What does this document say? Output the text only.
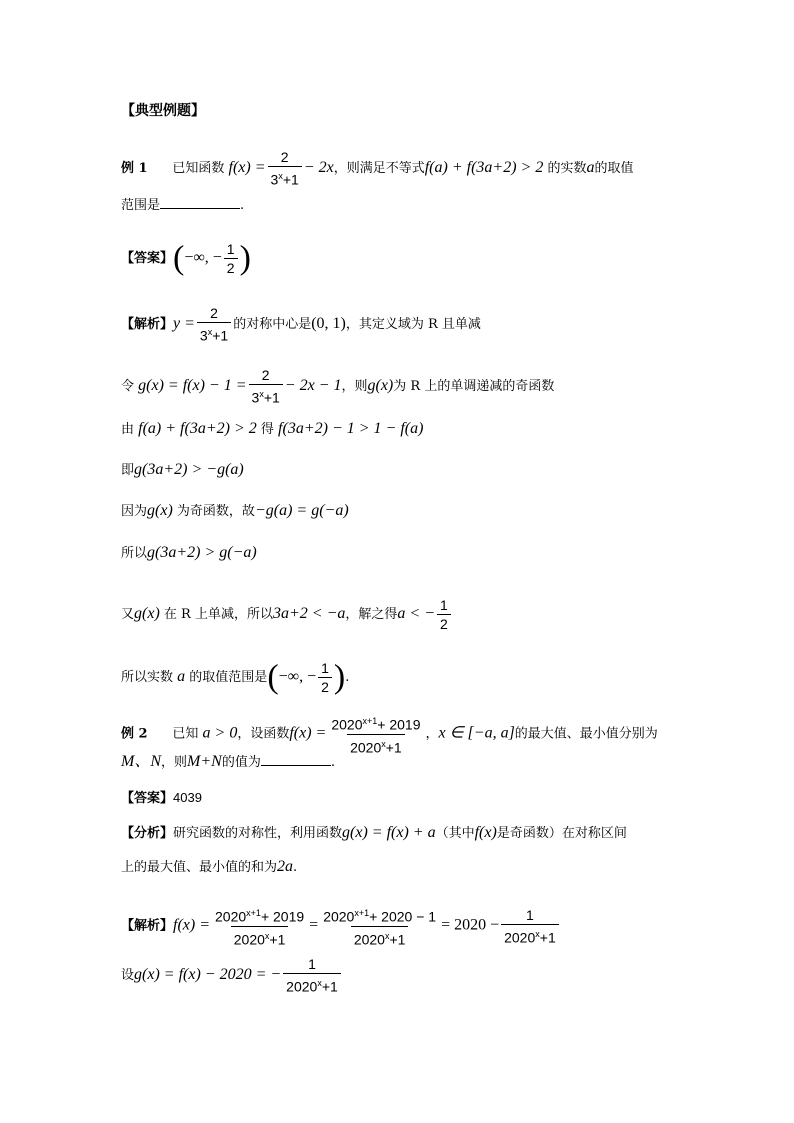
【典型例题】
例 1 已知函数 $f(x) = \frac{2}{3^x+1} - 2x$，则满足不等式f(a) + f(3a+2) > 2 的实数a的取值
范围是	.
【答案】(−∞, − $\frac{1}{2}$ )
【解析】$y = \frac{2}{3^x+1}$ 的对称中心是(0, 1)，其定义域为 R 且单减
令 $g(x) = f(x) - 1 = \frac{2}{3^x+1} - 2x - 1$，则g(x)为 R 上的单调递减的奇函数
由 f(a) + f(3a+2) > 2 得 f(3a+2) − 1 > 1 − f(a)
即g(3a+2) > −g(a)
因为g(x) 为奇函数，故−g(a) = g(−a)
所以g(3a+2) > g(−a)
又g(x) 在 R 上单减，所以3a+2 < −a，解之得a < − $\frac{1}{2}$
所以实数 a 的取值范围是(−∞, − $\frac{1}{2}$ ).
例 2 已知 a > 0，设函数$f(x) = \frac{2020^{x+1}+ 2019}{2020^x+1}$ ，x ∈ [−a, a]的最大值、最小值分别为
M、N，则M+N的值为	.
【答案】4039
【分析】研究函数的对称性，利用函数g(x) = f(x) + a（其中f(x)是奇函数）在对称区间
上的最大值、最小值的和为2a.
【解析】$f(x) = \frac{2020^{x+1}+ 2019}{2020^x+1} = \frac{2020^{x+1}+ 2020 - 1}{2020^x+1} = 2020 - \frac{1}{2020^x+1}$
设g(x) = f(x) − 2020 = − $\frac{1}{2020^x+1}$
